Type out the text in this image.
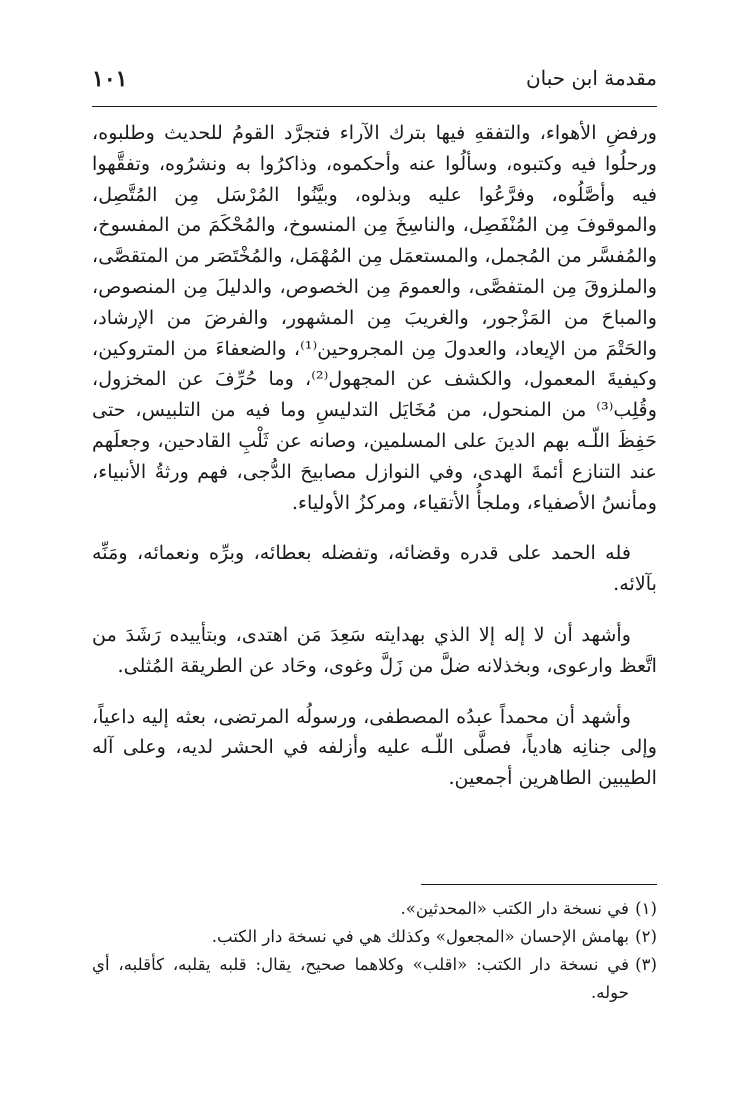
مقدمة ابن حبان
١٠١

ورفضِ الأهواء، والتفقهِ فيها بترك الآراء فتجرَّد القومُ للحديث وطلبوه، ورحلُوا فيه وكتبوه، وسألُوا عنه وأحكموه، وذاكرُوا به ونشرُوه، وتفقَّهوا فيه وأصَّلُوه، وفرَّعُوا عليه وبذلوه، وبيَّنُوا المُرْسَل مِن المُتَّصِل، والموقوفَ مِن المُنْفَصِل، والناسِخَ مِن المنسوخ، والمُحْكَمَ من المفسوخ، والمُفسَّر من المُجمل، والمستعمَل مِن المُهْمَل، والمُخْتَصَر من المتقصَّى، والملزوقَ مِن المتفصَّى، والعمومَ مِن الخصوص، والدليلَ مِن المنصوص، والمباحَ من المَزْجور، والغريبَ مِن المشهور، والفرضَ من الإرشاد، والحَتْمَ من الإيعاد، والعدولَ مِن المجروحين⁽¹⁾، والضعفاءَ من المتروكين، وكيفيةَ المعمول، والكشف عن المجهول⁽²⁾، وما حُرِّفَ عن المخزول، وقُلِب⁽³⁾ من المنحول، من مُخَايَل التدليسِ وما فيه من التلبيس، حتى حَفِظَ اللّـه بهم الدينَ على المسلمين، وصانه عن ثَلْبِ القادحين، وجعلَهم عند التنازع أئمةَ الهدى، وفي النوازل مصابيحَ الدُّجى، فهم ورثةُ الأنبياء، ومأنسُ الأصفياء، وملجأُ الأتقياء، ومركزُ الأولياء.

فله الحمد على قدره وقضائه، وتفضله بعطائه، وبرِّه ونعمائه، ومَنِّه بآلائه.

وأشهد أن لا إله إلا الذي بهدايته سَعِدَ مَن اهتدى، وبتأييده رَشَدَ من اتَّعظ وارعوى، وبخذلانه ضلَّ من زَلَّ وغوى، وحَاد عن الطريقة المُثلى.

وأشهد أن محمداً عبدُه المصطفى، ورسولُه المرتضى، بعثه إليه داعياً، وإلى جنانِه هادياً، فصلَّى اللّـه عليه وأزلفه في الحشر لديه، وعلى آله الطيبين الطاهرين أجمعين.

(١)
في نسخة دار الكتب «المحدثين».
(٢)
بهامش الإحسان «المجعول» وكذلك هي في نسخة دار الكتب.
(٣)
في نسخة دار الكتب: «اقلب» وكلاهما صحيح، يقال: قلبه يقلبه، كأقلبه، أي حوله.
